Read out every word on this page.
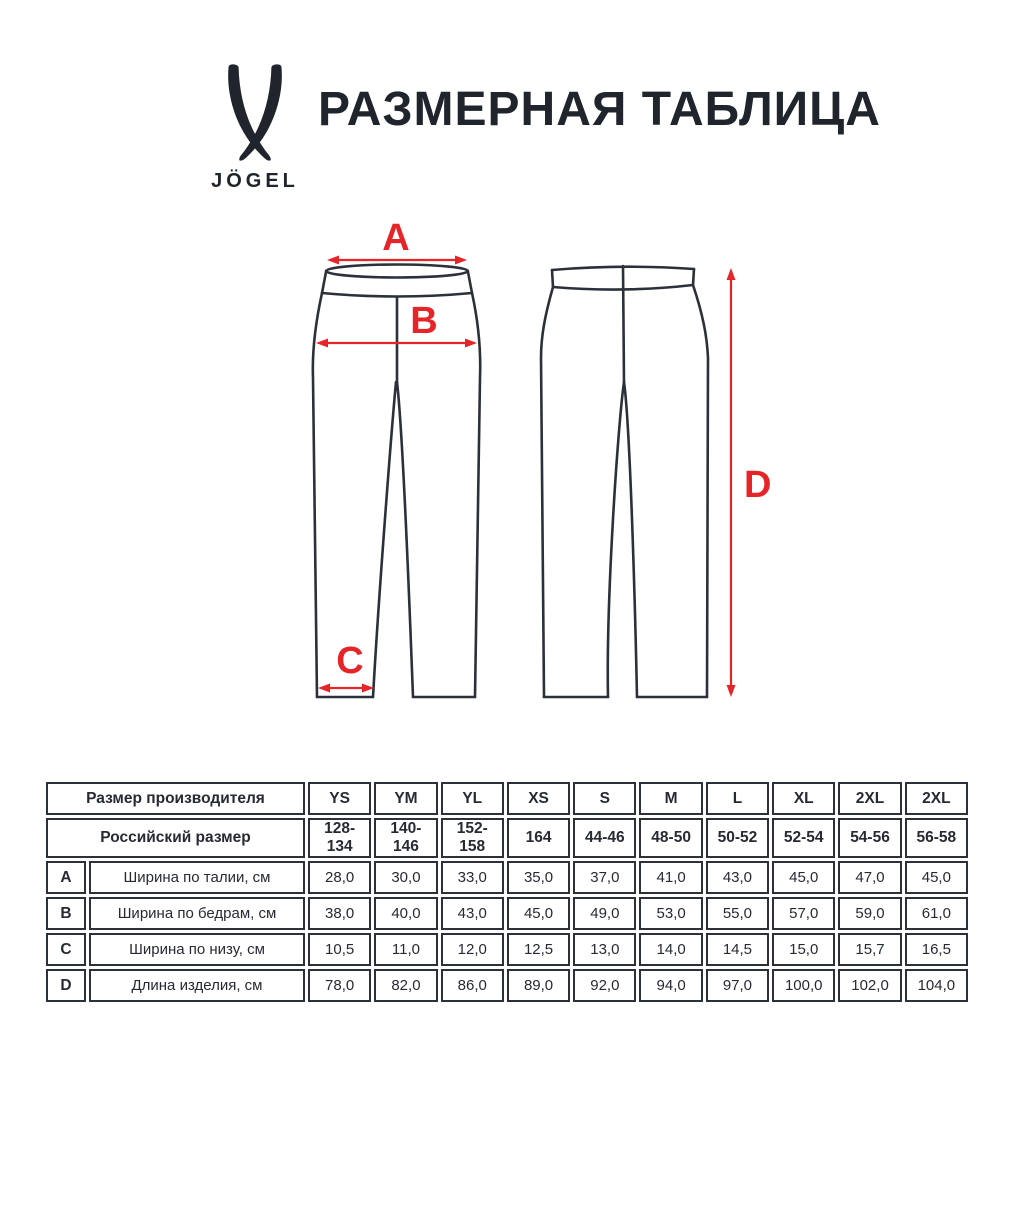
JÖGEL
РАЗМЕРНАЯ ТАБЛИЦА
A
B
C
D
Размер производителя		YS	YM	YL	XS	S	M	L	XL	2XL	2XL
Российский размер		128-134	140-146	152-158	164	44-46	48-50	50-52	52-54	54-56	56-58
A	Ширина по талии, см	28,0	30,0	33,0	35,0	37,0	41,0	43,0	45,0	47,0	45,0
B	Ширина по бедрам, см	38,0	40,0	43,0	45,0	49,0	53,0	55,0	57,0	59,0	61,0
C	Ширина по низу, см	10,5	11,0	12,0	12,5	13,0	14,0	14,5	15,0	15,7	16,5
D	Длина изделия, см	78,0	82,0	86,0	89,0	92,0	94,0	97,0	100,0	102,0	104,0
